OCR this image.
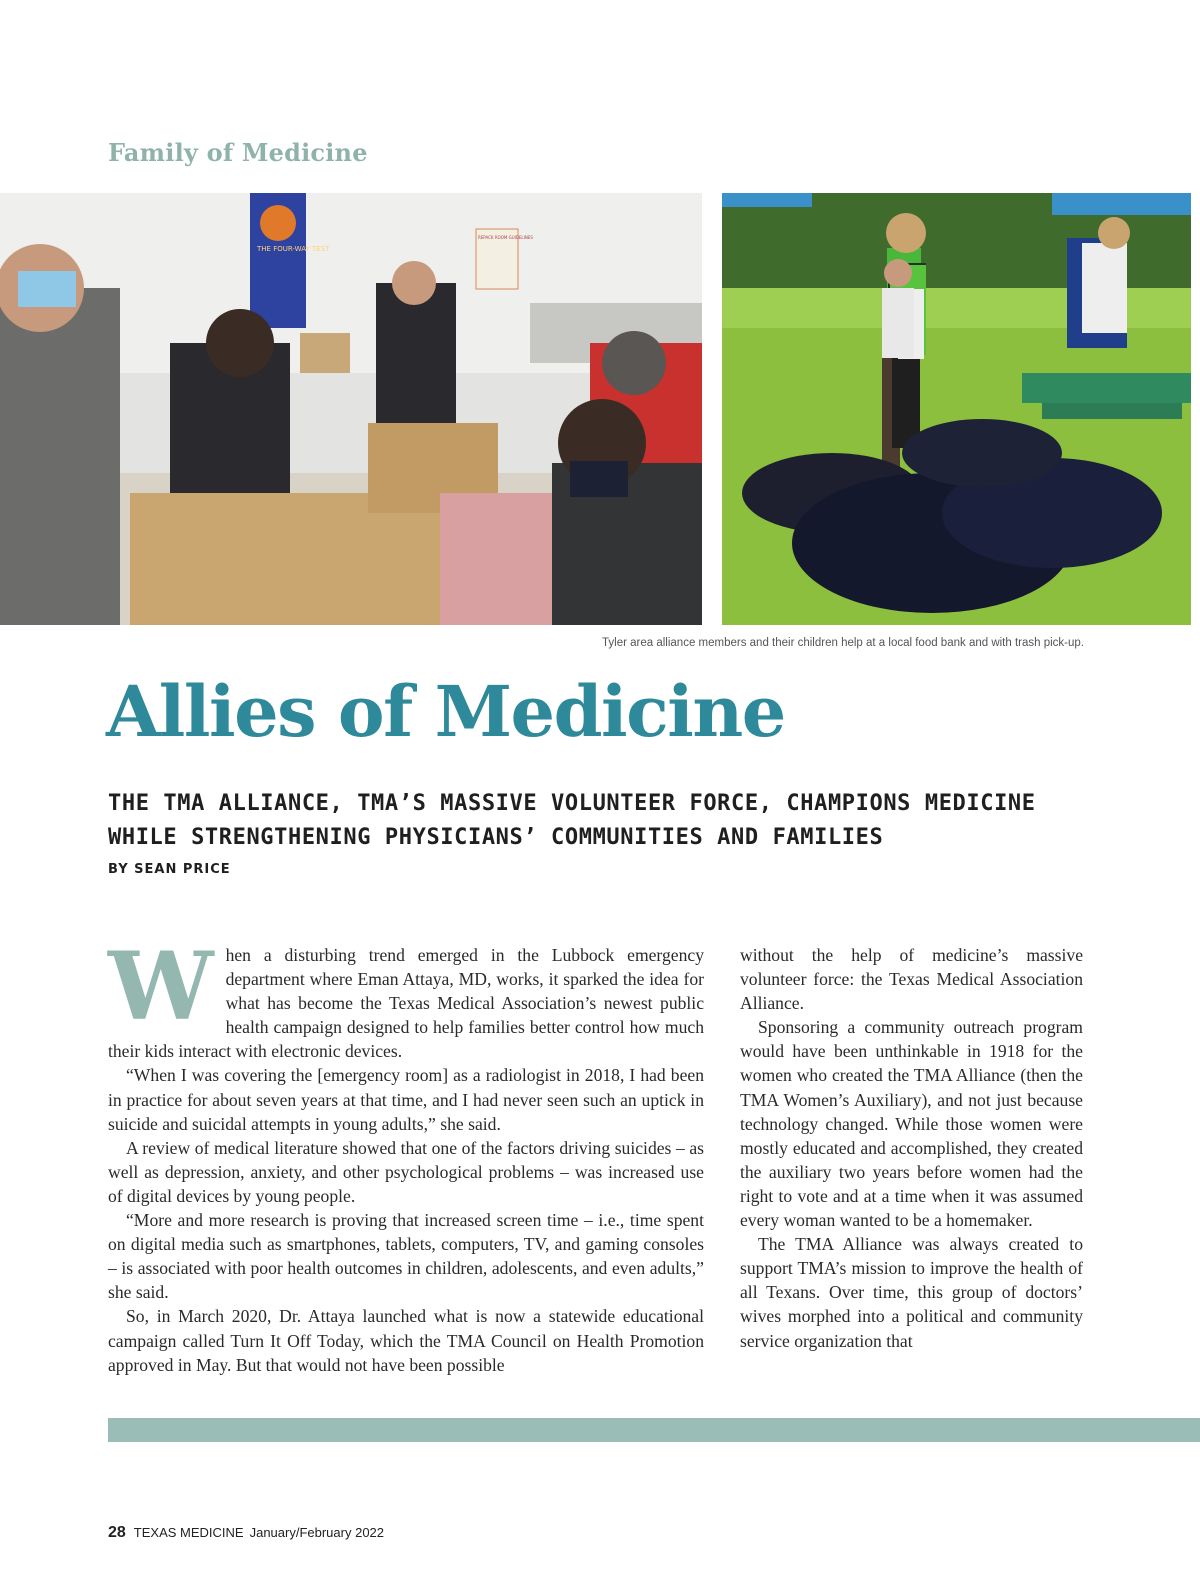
Family of Medicine
THE FOUR-WAY TEST
REPACK ROOM GUIDELINES
Tyler area alliance members and their children help at a local food bank and with trash pick-up.
Allies of Medicine
THE TMA ALLIANCE, TMA’S MASSIVE VOLUNTEER FORCE, CHAMPIONS MEDICINE WHILE STRENGTHENING PHYSICIANS’ COMMUNITIES AND FAMILIES
BY SEAN PRICE

When a disturbing trend emerged in the Lubbock emergency department where Eman Attaya, MD, works, it sparked the idea for what has become the Texas Medical Association’s newest public health campaign designed to help families better control how much their kids interact with electronic devices.

“When I was covering the [emergency room] as a radiologist in 2018, I had been in practice for about seven years at that time, and I had never seen such an uptick in suicide and suicidal attempts in young adults,” she said.

A review of medical literature showed that one of the factors driving suicides – as well as depression, anxiety, and other psychological problems – was increased use of digital devices by young people.

“More and more research is proving that increased screen time – i.e., time spent on digital media such as smartphones, tablets, computers, TV, and gaming consoles – is associated with poor health outcomes in children, adolescents, and even adults,” she said.

So, in March 2020, Dr. Attaya launched what is now a statewide educational campaign called Turn It Off Today, which the TMA Council on Health Promotion approved in May. But that would not have been possible

without the help of medicine’s massive volunteer force: the Texas Medical Association Alliance.

Sponsoring a community outreach program would have been unthinkable in 1918 for the women who created the TMA Alliance (then the TMA Women’s Auxiliary), and not just because technology changed. While those women were mostly educated and accomplished, they created the auxiliary two years before women had the right to vote and at a time when it was assumed every woman wanted to be a homemaker.

The TMA Alliance was always created to support TMA’s mission to improve the health of all Texans. Over time, this group of doctors’ wives morphed into a political and community service organization that

28 TEXAS MEDICINE January/February 2022
